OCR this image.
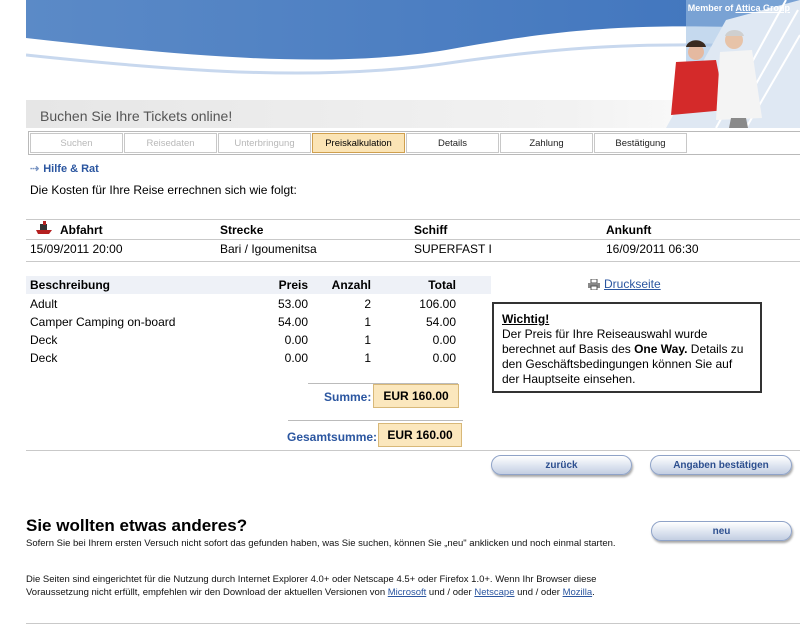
Member of Attica Group
Buchen Sie Ihre Tickets online!
Suchen	Reisedaten	Unterbringung	Preiskalkulation	Details	Zahlung	Bestätigung
⇢ Hilfe & Rat
Die Kosten für Ihre Reise errechnen sich wie folgt:
Abfahrt	Strecke	Schiff	Ankunft
15/09/2011 20:00	Bari / Igoumenitsa	SUPERFAST I	16/09/2011 06:30
Beschreibung	Preis	Anzahl	Total	Druckseite
Adult	53.00	2	106.00
Camper Camping on-board	54.00	1	54.00
Deck	0.00	1	0.00
Deck	0.00	1	0.00
Wichtig!
Der Preis für Ihre Reiseauswahl wurde berechnet auf Basis des One Way. Details zu den Geschäftsbedingungen können Sie auf der Hauptseite einsehen.
Summe: EUR 160.00
Gesamtsumme: EUR 160.00
zurück	Angaben bestätigen
Sie wollten etwas anderes?	neu
Sofern Sie bei Ihrem ersten Versuch nicht sofort das gefunden haben, was Sie suchen, können Sie „neu" anklicken und noch einmal starten.
Die Seiten sind eingerichtet für die Nutzung durch Internet Explorer 4.0+ oder Netscape 4.5+ oder Firefox 1.0+. Wenn Ihr Browser diese Voraussetzung nicht erfüllt, empfehlen wir den Download der aktuellen Versionen von Microsoft und / oder Netscape und / oder Mozilla.
